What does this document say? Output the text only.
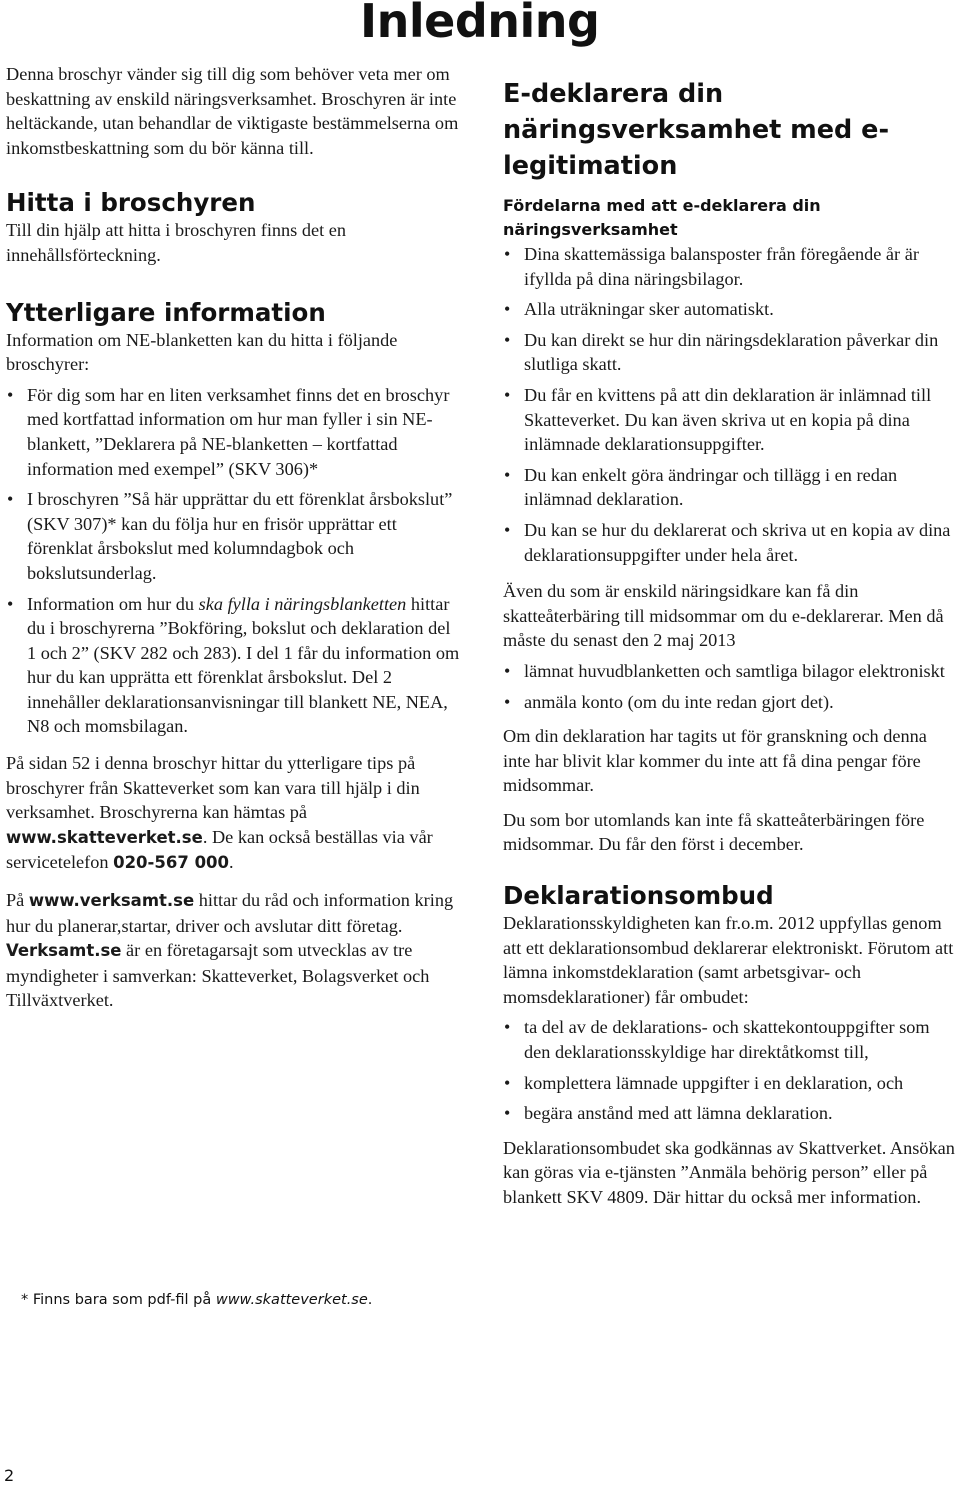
Inledning

Denna broschyr vänder sig till dig som behöver veta mer om beskattning av enskild näringsverksamhet. Broschyren är inte heltäckande, utan behandlar de viktigaste bestämmelserna om inkomstbeskattning som du bör känna till.

Hitta i broschyren

Till din hjälp att hitta i broschyren finns det en innehållsförteckning.

Ytterligare information

Information om NE-blanketten kan du hitta i följande broschyrer:

• För dig som har en liten verksamhet finns det en broschyr med kortfattad information om hur man fyller i sin NE-blankett, ”Deklarera på NE-blanketten – kortfattad information med exempel” (SKV 306)*
• I broschyren ”Så här upprättar du ett förenklat årsbokslut” (SKV 307)* kan du följa hur en frisör upprättar ett förenklat årsbokslut med kolumndagbok och bokslutsunderlag.
• Information om hur du ska fylla i näringsblanketten hittar du i broschyrerna ”Bokföring, bokslut och deklaration del 1 och 2” (SKV 282 och 283). I del 1 får du information om hur du kan upprätta ett förenklat årsbokslut. Del 2 innehåller deklarationsanvisningar till blankett NE, NEA, N8 och momsbilagan.

På sidan 52 i denna broschyr hittar du ytterligare tips på broschyrer från Skatteverket som kan vara till hjälp i din verksamhet. Broschyrerna kan hämtas på www.skatteverket.se. De kan också beställas via vår servicetelefon 020-567 000.

På www.verksamt.se hittar du råd och information kring hur du planerar,startar, driver och avslutar ditt företag. Verksamt.se är en företagarsajt som utvecklas av tre myndigheter i samverkan: Skatteverket, Bolagsverket och Tillväxtverket.

E-deklarera din näringsverksamhet med e-legitimation
Fördelarna med att e-deklarera din näringsverksamhet
• Dina skattemässiga balansposter från föregående år är ifyllda på dina näringsbilagor.
• Alla uträkningar sker automatiskt.
• Du kan direkt se hur din näringsdeklaration påverkar din slutliga skatt.
• Du får en kvittens på att din deklaration är inlämnad till Skatteverket. Du kan även skriva ut en kopia på dina inlämnade deklarationsuppgifter.
• Du kan enkelt göra ändringar och tillägg i en redan inlämnad deklaration.
• Du kan se hur du deklarerat och skriva ut en kopia av dina deklarationsuppgifter under hela året.

Även du som är enskild näringsidkare kan få din skatteåterbäring till midsommar om du e-deklarerar. Men då måste du senast den 2 maj 2013

• lämnat huvudblanketten och samtliga bilagor elektroniskt
• anmäla konto (om du inte redan gjort det).

Om din deklaration har tagits ut för granskning och denna inte har blivit klar kommer du inte att få dina pengar före midsommar.

Du som bor utomlands kan inte få skatteåterbäringen före midsommar. Du får den först i december.

Deklarationsombud

Deklarationsskyldigheten kan fr.o.m. 2012 uppfyllas genom att ett deklarationsombud deklarerar elektroniskt. Förutom att lämna inkomstdeklaration (samt arbetsgivar- och momsdeklarationer) får ombudet:

• ta del av de deklarations- och skattekontouppgifter som den deklarationsskyldige har direktåtkomst till,
• komplettera lämnade uppgifter i en deklaration, och
• begära anstånd med att lämna deklaration.

Deklarationsombudet ska godkännas av Skattverket. Ansökan kan göras via e-tjänsten ”Anmäla behörig person” eller på blankett SKV 4809. Där hittar du också mer information.

* Finns bara som pdf-fil på www.skatteverket.se.
2
